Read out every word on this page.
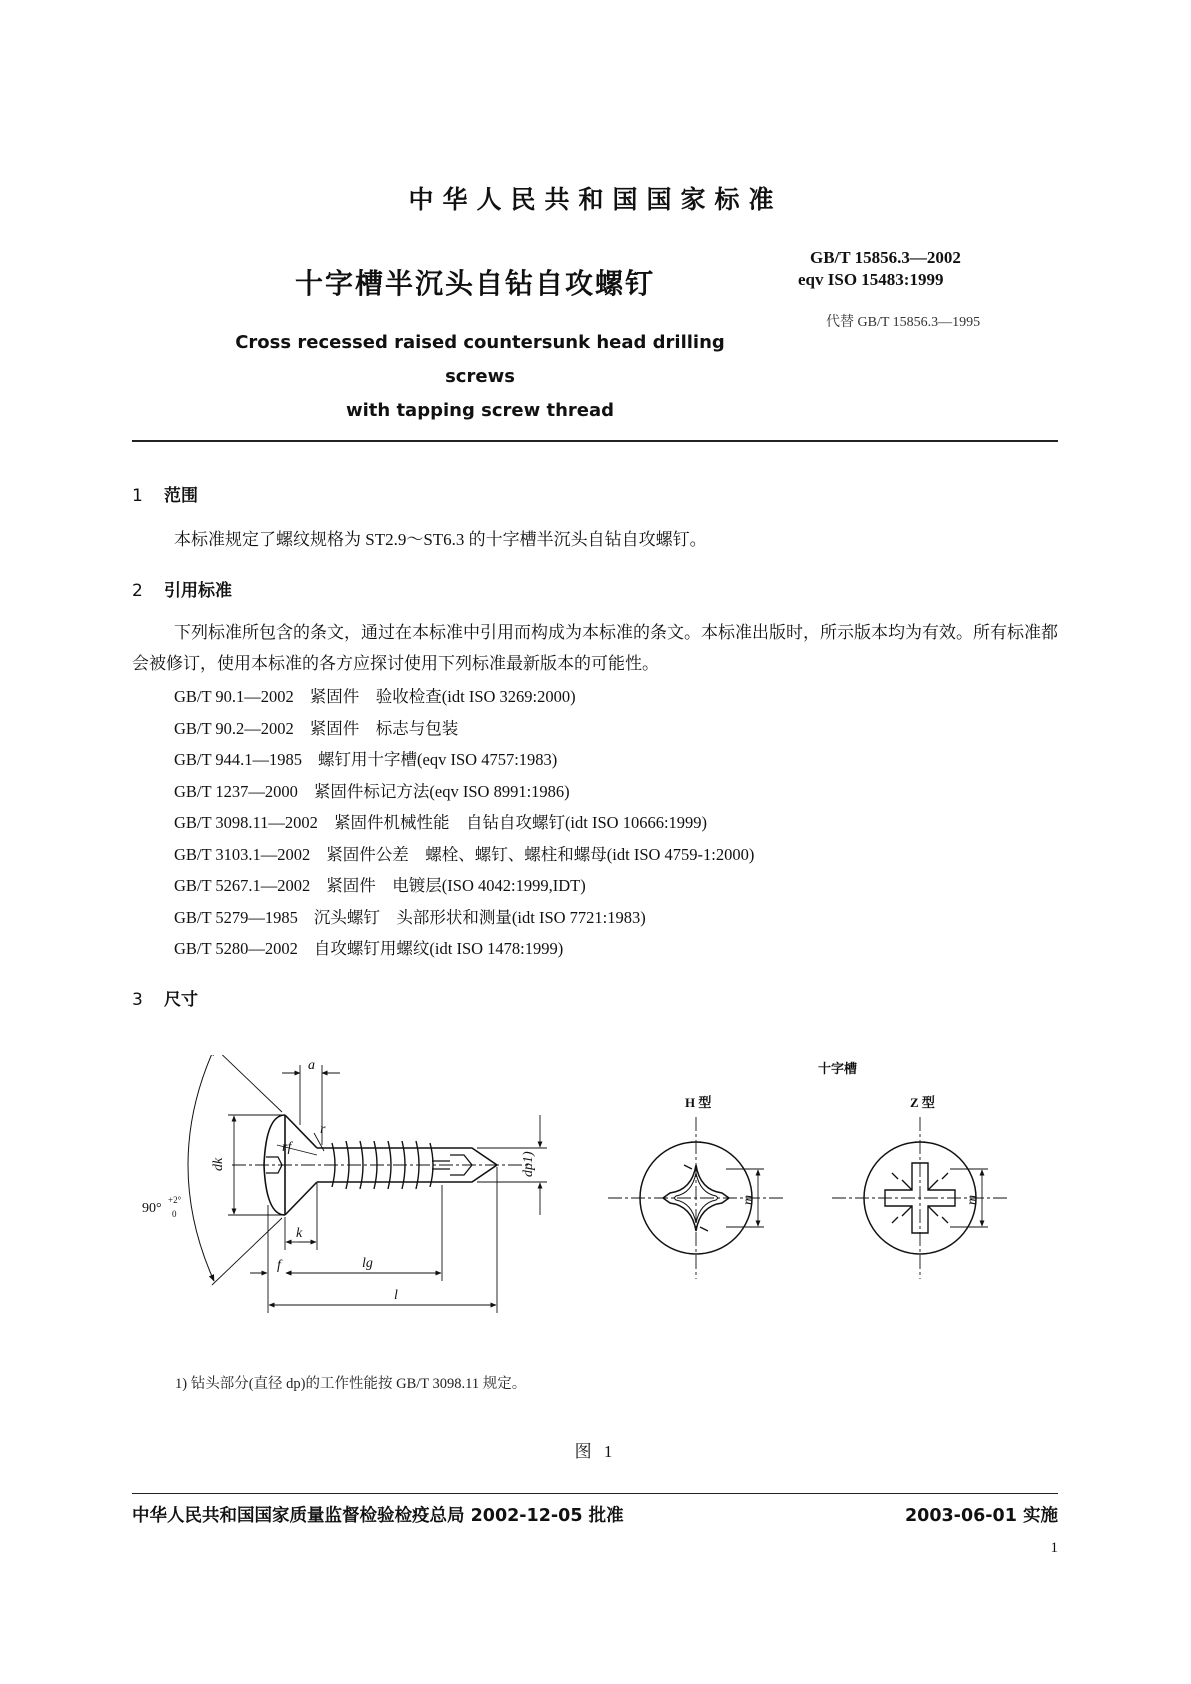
中华人民共和国国家标准
十字槽半沉头自钻自攻螺钉
Cross recessed raised countersunk head drilling screws
with tapping screw thread
GB/T 15856.3—2002
eqv ISO 15483:1999
代替 GB/T 15856.3—1995
1 范围
本标准规定了螺纹规格为 ST2.9～ST6.3 的十字槽半沉头自钻自攻螺钉。
2 引用标准
下列标准所包含的条文，通过在本标准中引用而构成为本标准的条文。本标准出版时，所示版本均为有效。所有标准都会被修订，使用本标准的各方应探讨使用下列标准最新版本的可能性。
GB/T 90.1—2002 紧固件　验收检查(idt ISO 3269:2000)
GB/T 90.2—2002 紧固件　标志与包装
GB/T 944.1—1985 螺钉用十字槽(eqv ISO 4757:1983)
GB/T 1237—2000 紧固件标记方法(eqv ISO 8991:1986)
GB/T 3098.11—2002 紧固件机械性能　自钻自攻螺钉(idt ISO 10666:1999)
GB/T 3103.1—2002 紧固件公差　螺栓、螺钉、螺柱和螺母(idt ISO 4759-1:2000)
GB/T 5267.1—2002 紧固件　电镀层(ISO 4042:1999,IDT)
GB/T 5279—1985 沉头螺钉　头部形状和测量(idt ISO 7721:1983)
GB/T 5280—2002 自攻螺钉用螺纹(idt ISO 1478:1999)
3 尺寸
90°
+2°
0
a
rf
r
dk	dp1)
k
f	lg
l
十字槽
H 型
m
Z 型
m
1) 钻头部分(直径 dp)的工作性能按 GB/T 3098.11 规定。
图 1
中华人民共和国国家质量监督检验检疫总局 2002-12-05 批准	2003-06-01 实施
1
